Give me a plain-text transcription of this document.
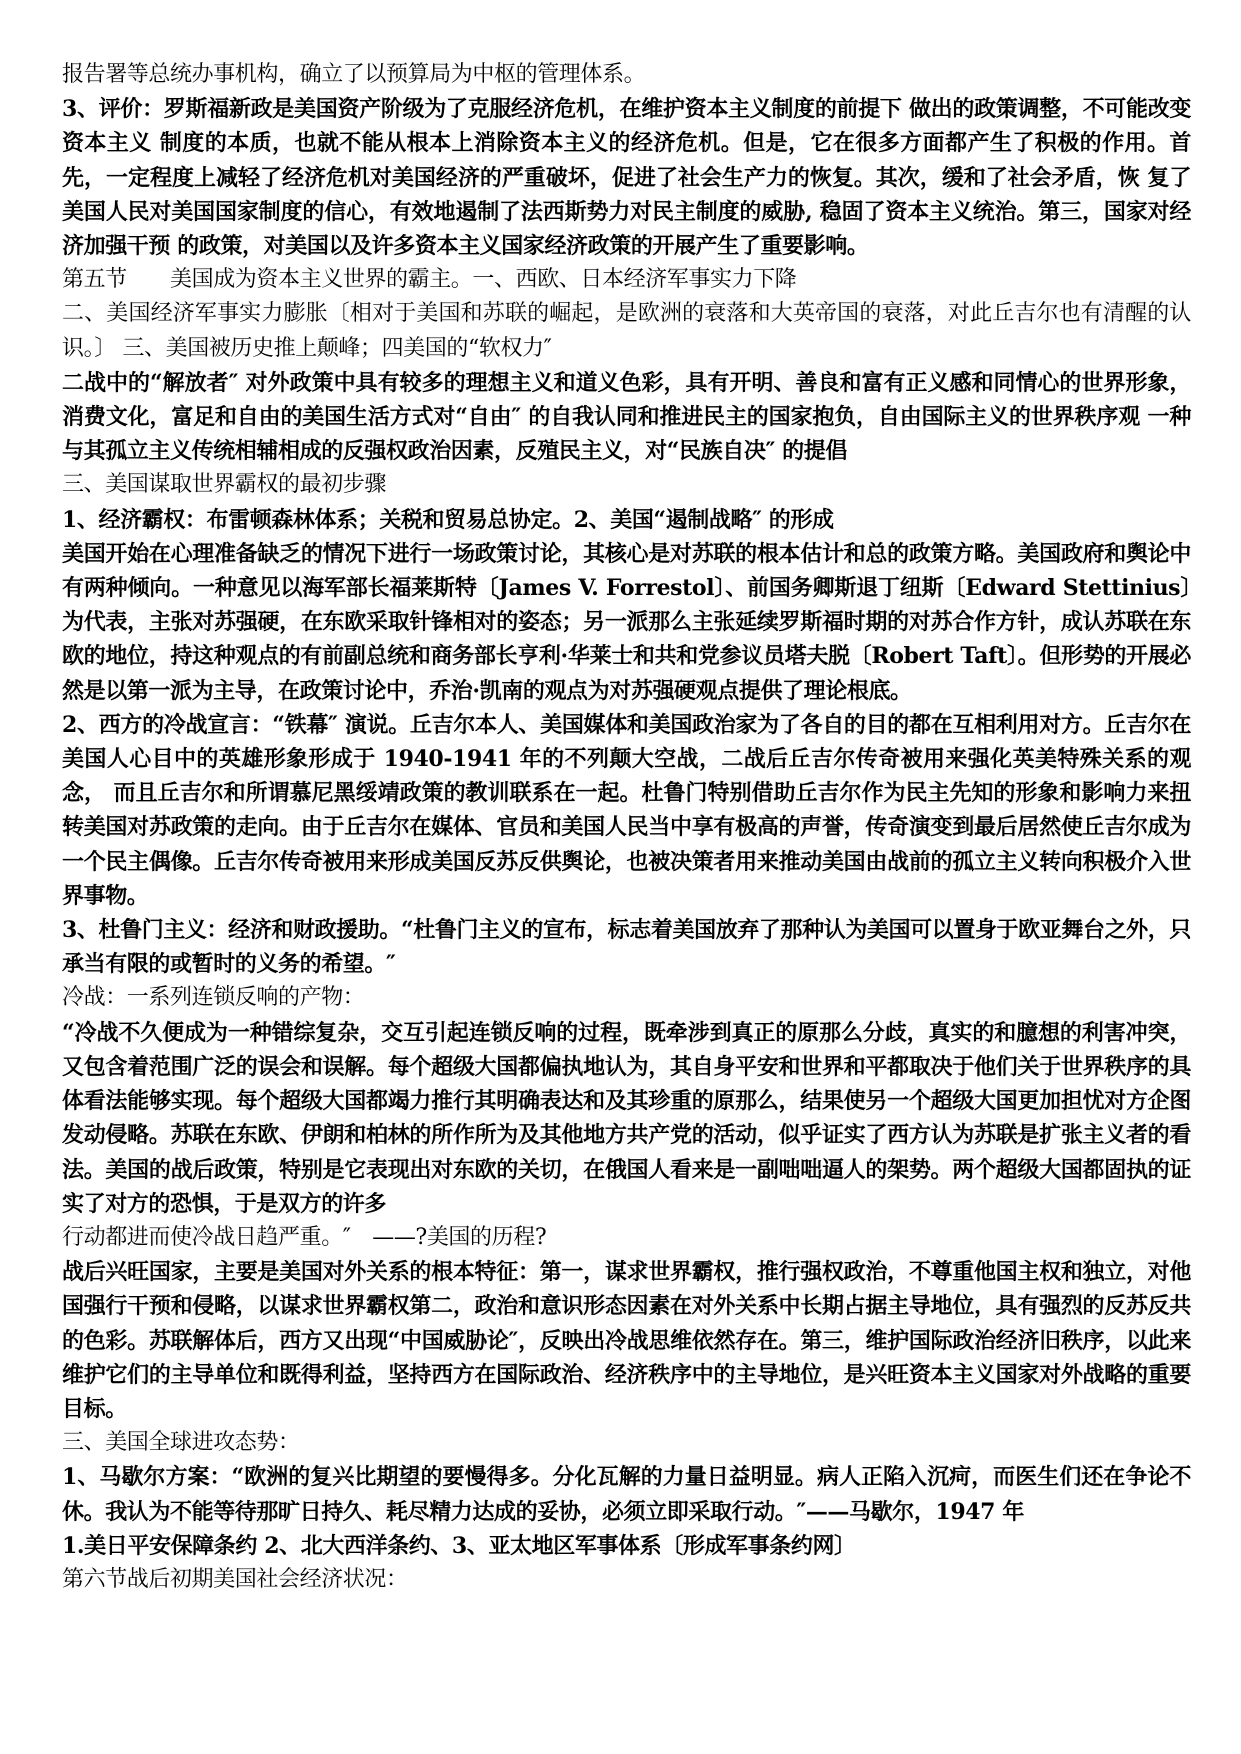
报告署等总统办事机构，确立了以预算局为中枢的管理体系。

3、评价：罗斯福新政是美国资产阶级为了克服经济危机，在维护资本主义制度的前提下 做出的政策调整，不可能改变资本主义 制度的本质，也就不能从根本上消除资本主义的经济危机。但是，它在很多方面都产生了积极的作用。首先，一定程度上减轻了经济危机对美国经济的严重破坏，促进了社会生产力的恢复。其次，缓和了社会矛盾，恢 复了美国人民对美国国家制度的信心，有效地遏制了法西斯势力对民主制度的威胁, 稳固了资本主义统治。第三，国家对经济加强干预 的政策，对美国以及许多资本主义国家经济政策的开展产生了重要影响。

第五节　　美国成为资本主义世界的霸主。一、西欧、日本经济军事实力下降

二、美国经济军事实力膨胀〔相对于美国和苏联的崛起，是欧洲的衰落和大英帝国的衰落，对此丘吉尔也有清醒的认识。〕 三、美国被历史推上颠峰；四美国的“软权力″

二战中的“解放者″ 对外政策中具有较多的理想主义和道义色彩，具有开明、善良和富有正义感和同情心的世界形象，消费文化，富足和自由的美国生活方式对“自由″ 的自我认同和推进民主的国家抱负，自由国际主义的世界秩序观 一种与其孤立主义传统相辅相成的反强权政治因素，反殖民主义，对“民族自决″ 的提倡

三、美国谋取世界霸权的最初步骤

1、经济霸权：布雷顿森林体系；关税和贸易总协定。2、美国“遏制战略″ 的形成

美国开始在心理准备缺乏的情况下进行一场政策讨论，其核心是对苏联的根本估计和总的政策方略。美国政府和舆论中有两种倾向。一种意见以海军部长福莱斯特〔James V. Forrestol〕、前国务卿斯退丁纽斯〔Edward Stettinius〕为代表，主张对苏强硬，在东欧采取针锋相对的姿态；另一派那么主张延续罗斯福时期的对苏合作方针，成认苏联在东欧的地位，持这种观点的有前副总统和商务部长亨利·华莱士和共和党参议员塔夫脱〔Robert Taft〕。但形势的开展必然是以第一派为主导，在政策讨论中，乔治·凯南的观点为对苏强硬观点提供了理论根底。

2、西方的冷战宣言：“铁幕″ 演说。丘吉尔本人、美国媒体和美国政治家为了各自的目的都在互相利用对方。丘吉尔在美国人心目中的英雄形象形成于 1940-1941 年的不列颠大空战，二战后丘吉尔传奇被用来强化英美特殊关系的观念， 而且丘吉尔和所谓慕尼黑绥靖政策的教训联系在一起。杜鲁门特别借助丘吉尔作为民主先知的形象和影响力来扭转美国对苏政策的走向。由于丘吉尔在媒体、官员和美国人民当中享有极高的声誉，传奇演变到最后居然使丘吉尔成为一个民主偶像。丘吉尔传奇被用来形成美国反苏反供舆论，也被决策者用来推动美国由战前的孤立主义转向积极介入世界事物。

3、杜鲁门主义：经济和财政援助。“杜鲁门主义的宣布，标志着美国放弃了那种认为美国可以置身于欧亚舞台之外，只承当有限的或暂时的义务的希望。″

冷战：一系列连锁反响的产物：

“冷战不久便成为一种错综复杂，交互引起连锁反响的过程，既牵涉到真正的原那么分歧，真实的和臆想的利害冲突，又包含着范围广泛的误会和误解。每个超级大国都偏执地认为，其自身平安和世界和平都取决于他们关于世界秩序的具体看法能够实现。每个超级大国都竭力推行其明确表达和及其珍重的原那么，结果使另一个超级大国更加担忧对方企图发动侵略。苏联在东欧、伊朗和柏林的所作所为及其他地方共产党的活动，似乎证实了西方认为苏联是扩张主义者的看法。美国的战后政策，特别是它表现出对东欧的关切，在俄国人看来是一副咄咄逼人的架势。两个超级大国都固执的证实了对方的恐惧，于是双方的许多

行动都进而使冷战日趋严重。″　——?美国的历程?

战后兴旺国家，主要是美国对外关系的根本特征：第一，谋求世界霸权，推行强权政治，不尊重他国主权和独立，对他国强行干预和侵略，以谋求世界霸权第二，政治和意识形态因素在对外关系中长期占据主导地位，具有强烈的反苏反共的色彩。苏联解体后，西方又出现“中国威胁论″，反映出冷战思维依然存在。第三，维护国际政治经济旧秩序，以此来维护它们的主导单位和既得利益，坚持西方在国际政治、经济秩序中的主导地位，是兴旺资本主义国家对外战略的重要目标。

三、美国全球进攻态势：

1、马歇尔方案：“欧洲的复兴比期望的要慢得多。分化瓦解的力量日益明显。病人正陷入沉疴，而医生们还在争论不休。我认为不能等待那旷日持久、耗尽精力达成的妥协，必须立即采取行动。″——马歇尔，1947 年

1.美日平安保障条约 2、北大西洋条约、3、亚太地区军事体系〔形成军事条约网〕

第六节战后初期美国社会经济状况：
